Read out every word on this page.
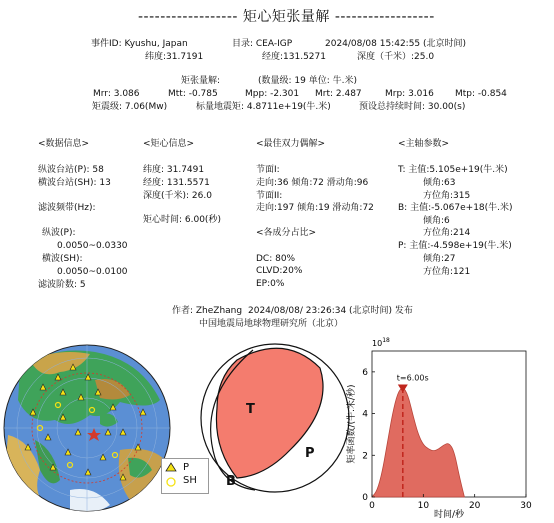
------------------ 矩心矩张量解 ------------------
事件ID: Kyushu, Japan	目录: CEA-IGP	2024/08/08 15:42:55 (北京时间)
纬度:31.7191	经度:131.5271	深度（千米）:25.0
矩张量解:	(数量级: 19 单位: 牛.米)
Mrr: 3.086	Mtt: -0.785	Mpp: -2.301 Mrt: 2.487	Mrp: 3.016 Mtp: -0.854
矩震级: 7.06(Mw)	标量地震矩: 4.8711e+19(牛.米)	预设总持续时间: 30.00(s)
<数据信息>
纵波台站(P): 58
横波台站(SH): 13
滤波频带(Hz):
纵波(P):
0.0050~0.0330
横波(SH):
0.0050~0.0100
滤波阶数: 5
<矩心信息>
纬度: 31.7491
经度: 131.5571
深度(千米): 26.0
矩心时间: 6.00(秒)
<最佳双力偶解>
节面I:
走向:36 倾角:72 滑动角:96
节面II:
走向:197 倾角:19 滑动角:72
<各成分占比>
DC: 80%
CLVD:20%
EP:0%
<主轴参数>
T: 主值:5.105e+19(牛.米)
倾角:63
方位角:315
B: 主值:-5.067e+18(牛.米)
倾角:6
方位角:214
P: 主值:-4.598e+19(牛.米)
倾角:27
方位角:121
作者: ZheZhang 2024/08/08/ 23:26:34 (北京时间) 发布
中国地震局地球物理研究所（北京）
P
SH
T
P
B
t=6.00s
0	10	20	30
0
2
4
6
$10^{18}$
时间/秒
矩率函数/(牛.米/秒)
